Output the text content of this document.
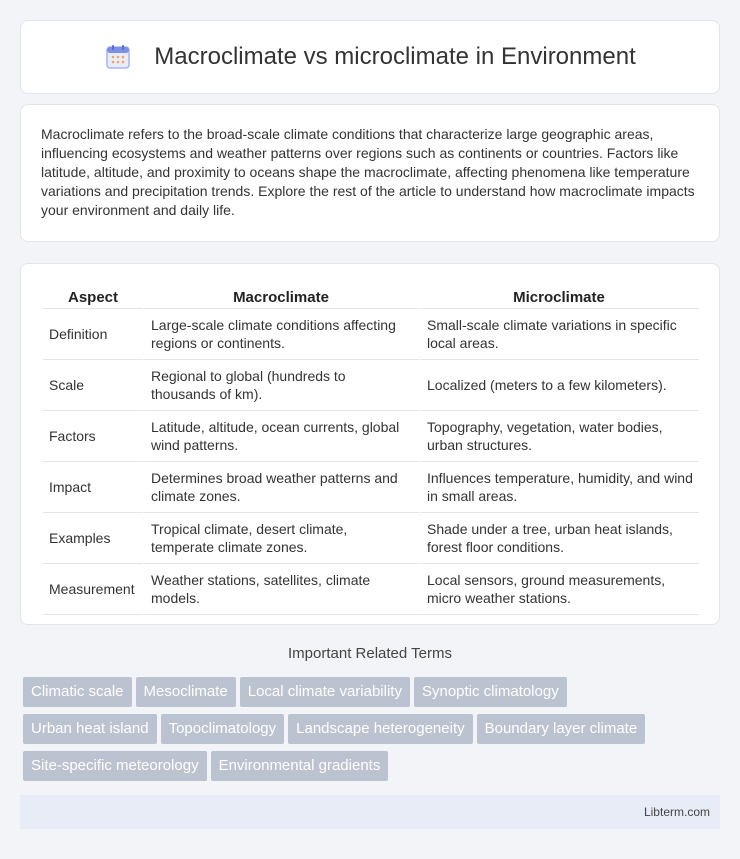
Macroclimate vs microclimate in Environment

Macroclimate refers to the broad-scale climate conditions that characterize large geographic areas, influencing ecosystems and weather patterns over regions such as continents or countries. Factors like latitude, altitude, and proximity to oceans shape the macroclimate, affecting phenomena like temperature variations and precipitation trends. Explore the rest of the article to understand how macroclimate impacts your environment and daily life.

Aspect	Macroclimate	Microclimate
Definition	Large-scale climate conditions affecting regions or continents.	Small-scale climate variations in specific local areas.
Scale	Regional to global (hundreds to thousands of km).	Localized (meters to a few kilometers).
Factors	Latitude, altitude, ocean currents, global wind patterns.	Topography, vegetation, water bodies, urban structures.
Impact	Determines broad weather patterns and climate zones.	Influences temperature, humidity, and wind in small areas.
Examples	Tropical climate, desert climate, temperate climate zones.	Shade under a tree, urban heat islands, forest floor conditions.
Measurement	Weather stations, satellites, climate models.	Local sensors, ground measurements, micro weather stations.
Important Related Terms
Climatic scale Mesoclimate Local climate variability Synoptic climatology
Urban heat island Topoclimatology Landscape heterogeneity Boundary layer climate
Site-specific meteorology Environmental gradients
Libterm.com
